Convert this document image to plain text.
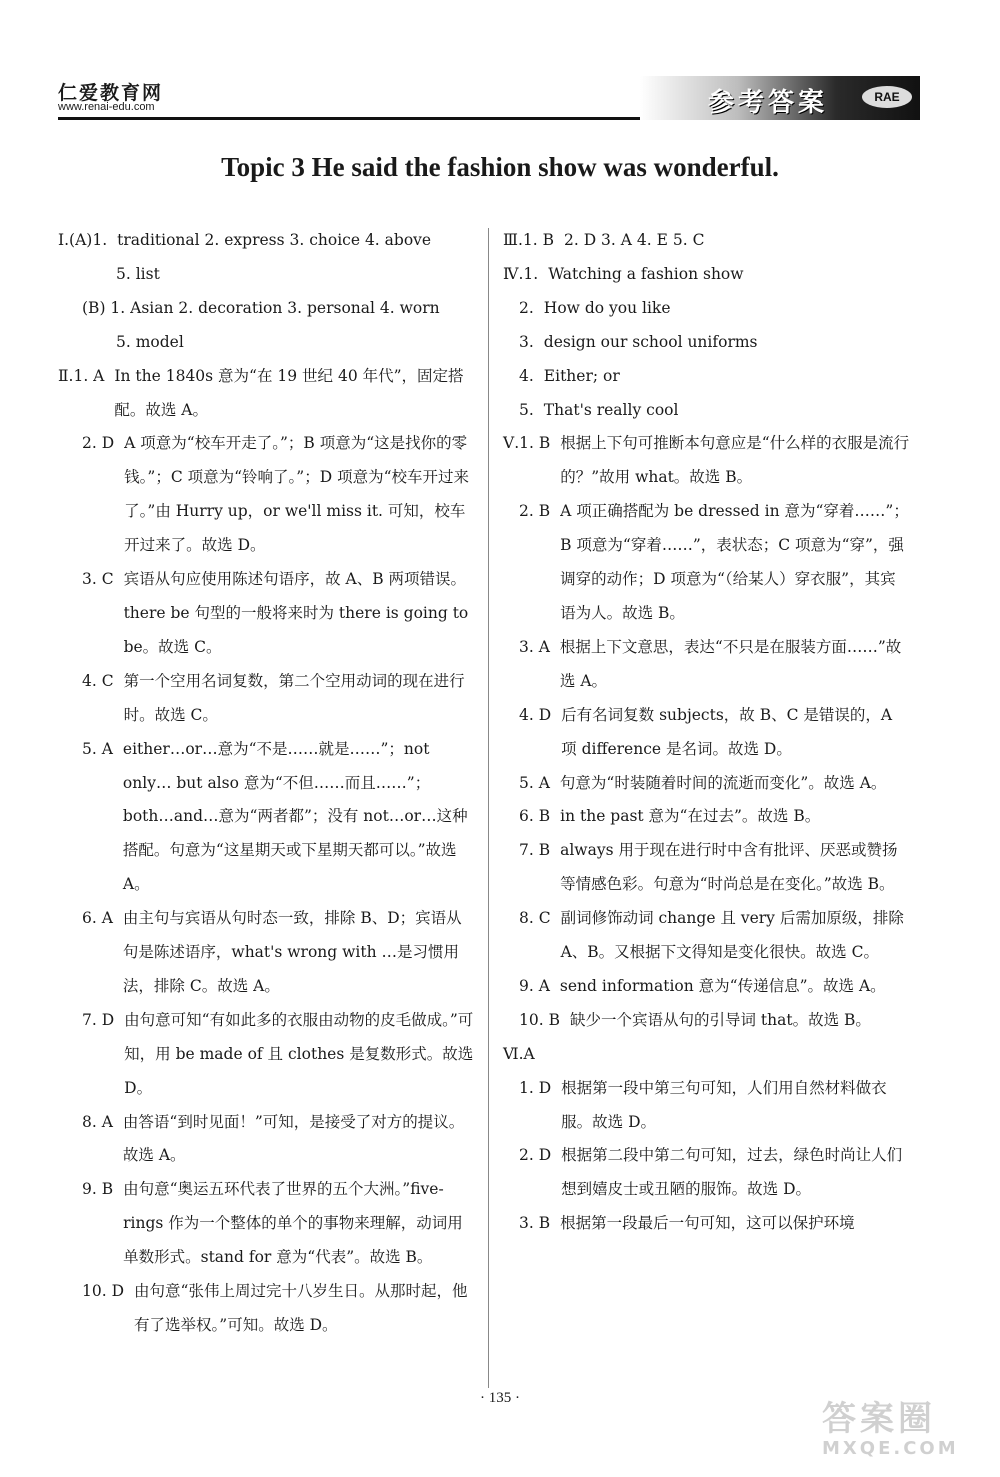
仁爱教育网
www.renai-edu.com	参考答案	RAE
Topic 3 He said the fashion show was wonderful.
Ⅰ.(A)1. traditional 2. express 3. choice 4. above
5. list
(B) 1. Asian 2. decoration 3. personal 4. worn
5. model
Ⅱ.1. A In the 1840s 意为“在 19 世纪 40 年代”，固定搭配。故选 A。
2. D A 项意为“校车开走了。”；B 项意为“这是找你的零钱。”；C 项意为“铃响了。”；D 项意为“校车开过来了。”由 Hurry up，or we'll miss it. 可知，校车开过来了。故选 D。
3. C 宾语从句应使用陈述句语序，故 A、B 两项错误。there be 句型的一般将来时为 there is going to be。故选 C。
4. C 第一个空用名词复数，第二个空用动词的现在进行时。故选 C。
5. A either…or…意为“不是……就是……”；not only… but also 意为“不但……而且……”；both…and…意为“两者都”；没有 not…or…这种搭配。句意为“这星期天或下星期天都可以。”故选 A。
6. A 由主句与宾语从句时态一致，排除 B、D；宾语从句是陈述语序，what's wrong with …是习惯用法，排除 C。故选 A。
7. D 由句意可知“有如此多的衣服由动物的皮毛做成。”可知，用 be made of 且 clothes 是复数形式。故选 D。
8. A 由答语“到时见面！”可知，是接受了对方的提议。故选 A。
9. B 由句意“奥运五环代表了世界的五个大洲。”five-rings 作为一个整体的单个的事物来理解，动词用单数形式。stand for 意为“代表”。故选 B。
10. D 由句意“张伟上周过完十八岁生日。从那时起，他有了选举权。”可知。故选 D。
Ⅲ.1. B 2. D 3. A 4. E 5. C
Ⅳ.1. Watching a fashion show
2. How do you like
3. design our school uniforms
4. Either; or
5. That's really cool
Ⅴ.1. B 根据上下句可推断本句意应是“什么样的衣服是流行的？”故用 what。故选 B。
2. B A 项正确搭配为 be dressed in 意为“穿着……”；B 项意为“穿着……”，表状态；C 项意为“穿”，强调穿的动作；D 项意为“（给某人）穿衣服”，其宾语为人。故选 B。
3. A 根据上下文意思，表达“不只是在服装方面……”故选 A。
4. D 后有名词复数 subjects，故 B、C 是错误的，A 项 difference 是名词。故选 D。
5. A 句意为“时装随着时间的流逝而变化”。故选 A。
6. B in the past 意为“在过去”。故选 B。
7. B always 用于现在进行时中含有批评、厌恶或赞扬等情感色彩。句意为“时尚总是在变化。”故选 B。
8. C 副词修饰动词 change 且 very 后需加原级，排除 A、B。又根据下文得知是变化很快。故选 C。
9. A send information 意为“传递信息”。故选 A。
10. B 缺少一个宾语从句的引导词 that。故选 B。
Ⅵ.A
1. D 根据第一段中第三句可知，人们用自然材料做衣服。故选 D。
2. D 根据第二段中第二句可知，过去，绿色时尚让人们想到嬉皮士或丑陋的服饰。故选 D。
3. B 根据第一段最后一句可知，这可以保护环境
· 135 ·
答案圈
MXQE.COM
